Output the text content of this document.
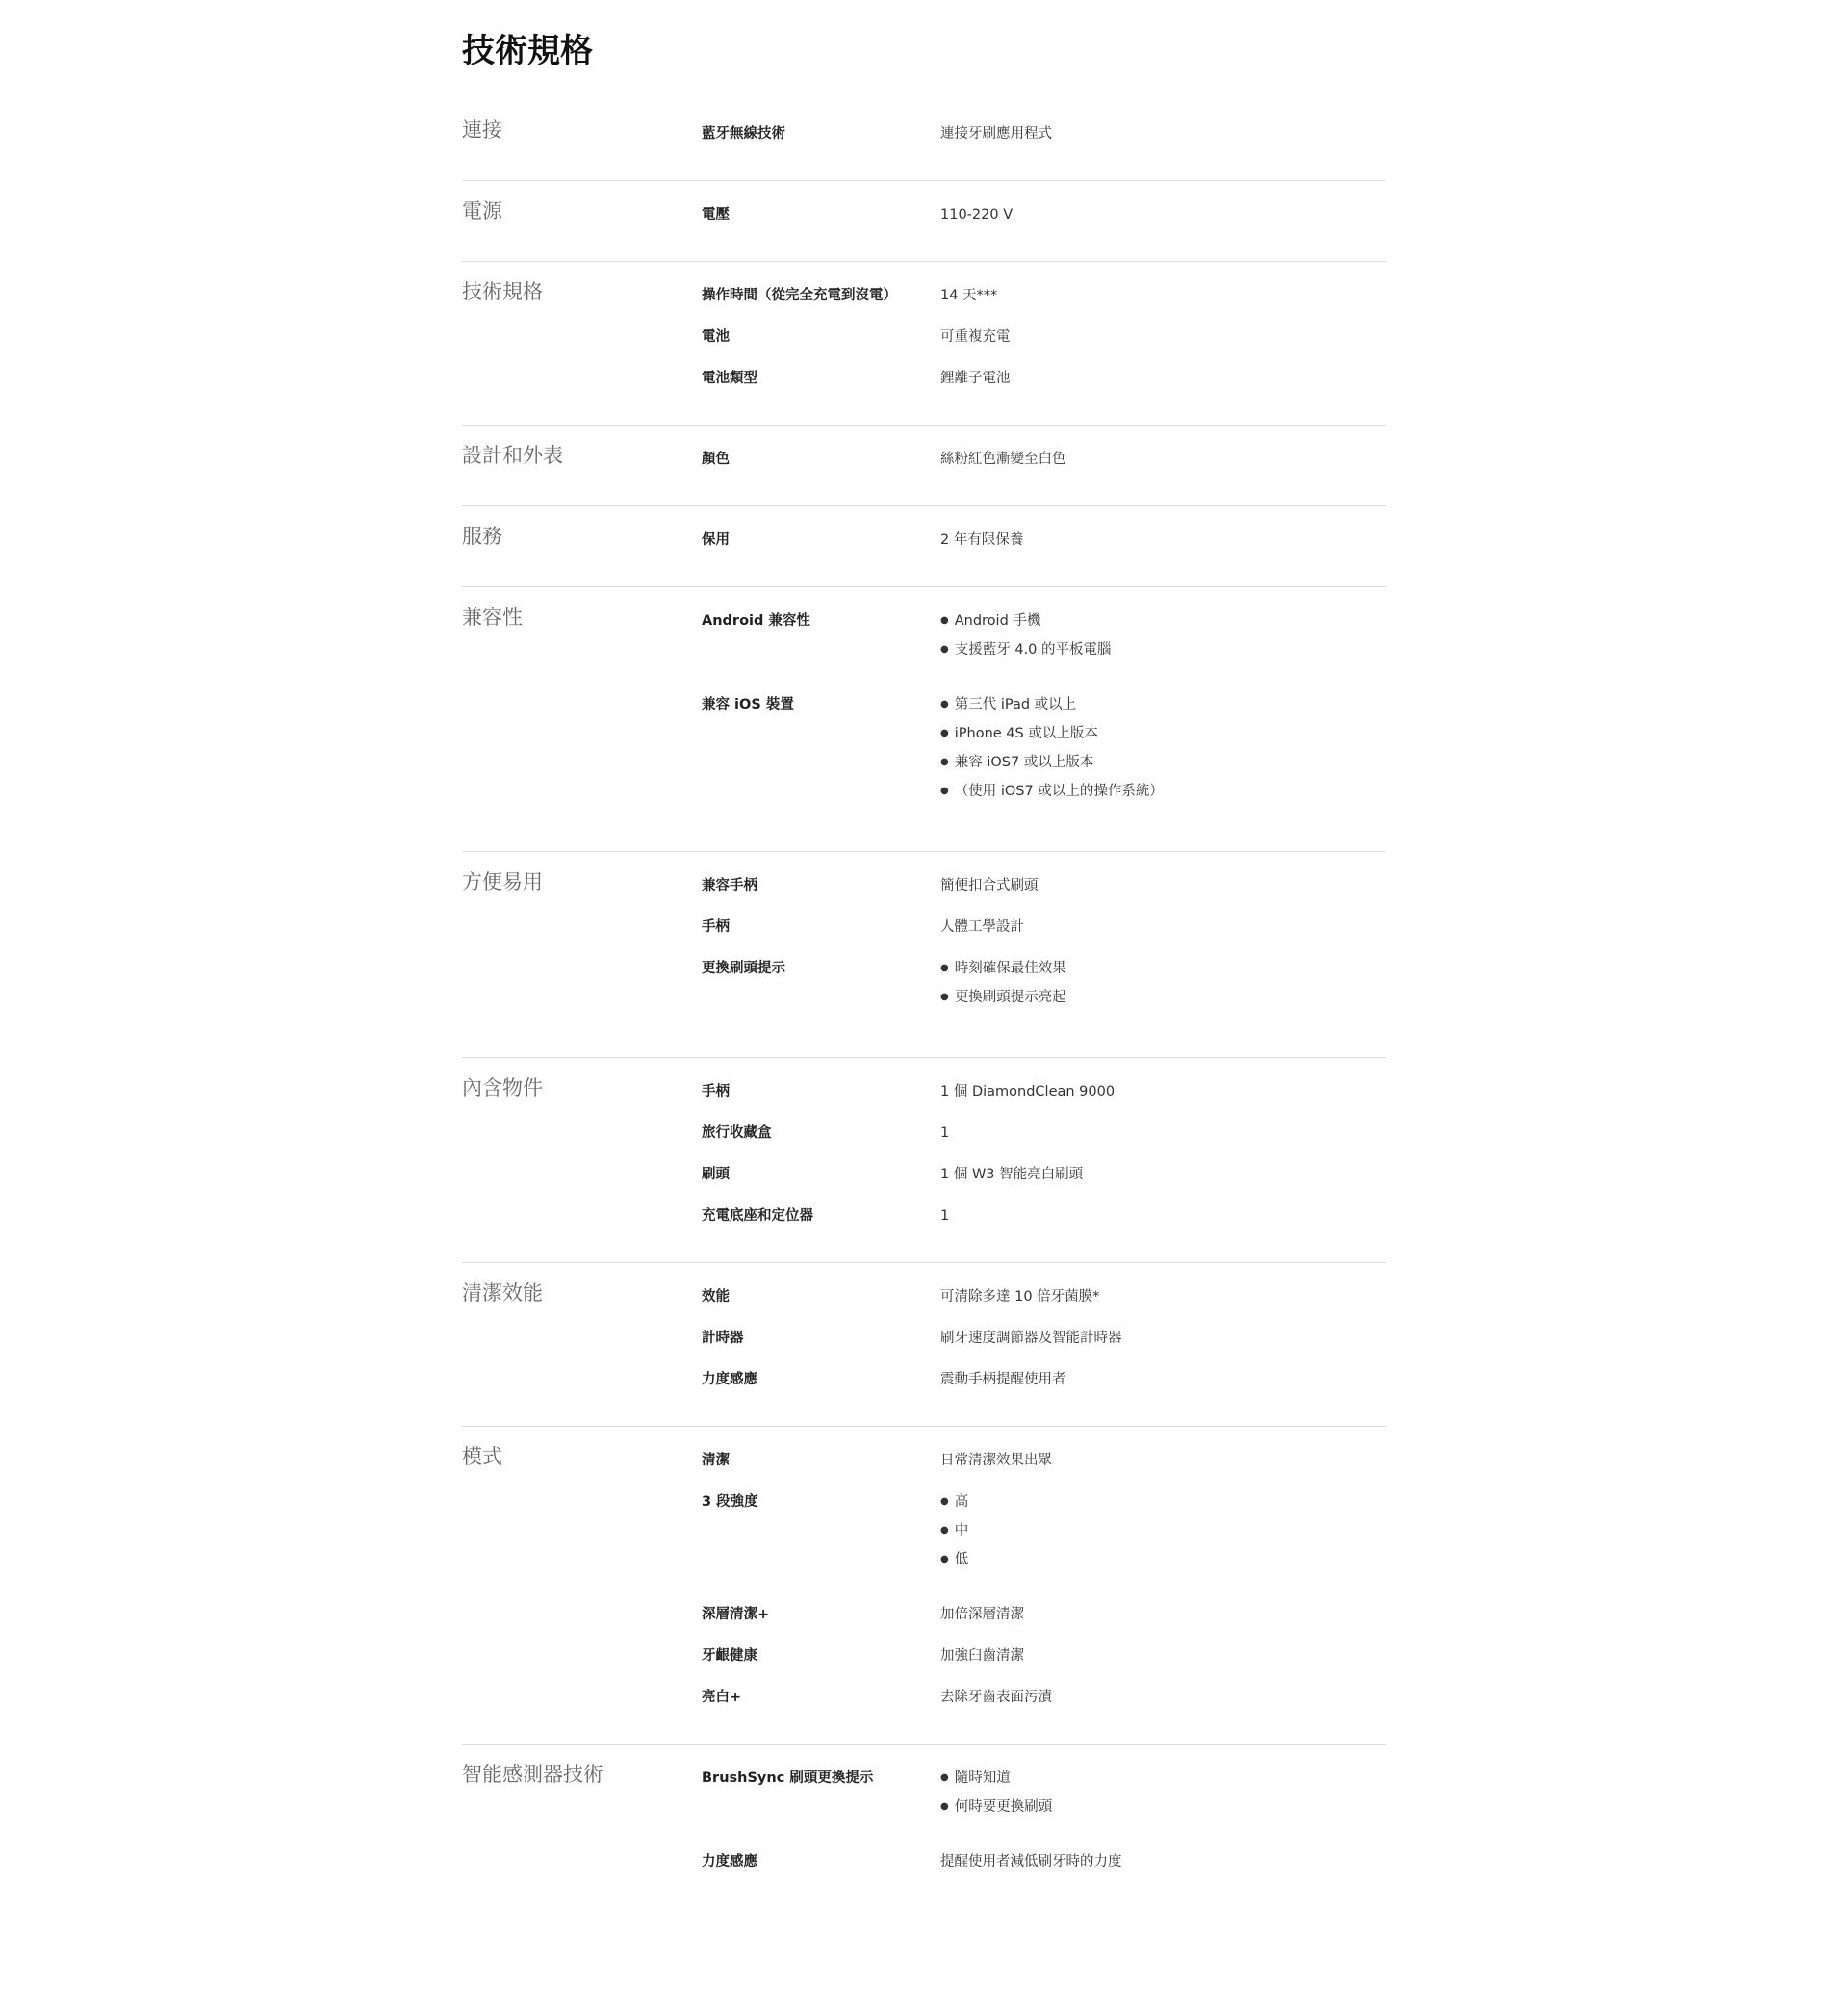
技術規格
連接	藍牙無線技術	連接牙刷應用程式
電源	電壓	110-220 V
技術規格	操作時間（從完全充電到沒電）	14 天***
電池	可重複充電
電池類型	鋰離子電池
設計和外表	顏色	絲粉紅色漸變至白色
服務	保用	2 年有限保養
兼容性	Android 兼容性	● Android 手機
● 支援藍牙 4.0 的平板電腦
兼容 iOS 裝置	● 第三代 iPad 或以上
● iPhone 4S 或以上版本
● 兼容 iOS7 或以上版本
● （使用 iOS7 或以上的操作系統）
方便易用	兼容手柄	簡便扣合式刷頭
手柄	人體工學設計
更換刷頭提示	● 時刻確保最佳效果
● 更換刷頭提示亮起
內含物件	手柄	1 個 DiamondClean 9000
旅行收藏盒	1
刷頭	1 個 W3 智能亮白刷頭
充電底座和定位器	1
清潔效能	效能	可清除多達 10 倍牙菌膜*
計時器	刷牙速度調節器及智能計時器
力度感應	震動手柄提醒使用者
模式	清潔	日常清潔效果出眾
3 段強度	● 高
● 中
● 低
深層清潔+	加倍深層清潔
牙齦健康	加強臼齒清潔
亮白+	去除牙齒表面污漬
智能感測器技術	BrushSync 刷頭更換提示	● 隨時知道
● 何時要更換刷頭
力度感應	提醒使用者減低刷牙時的力度
